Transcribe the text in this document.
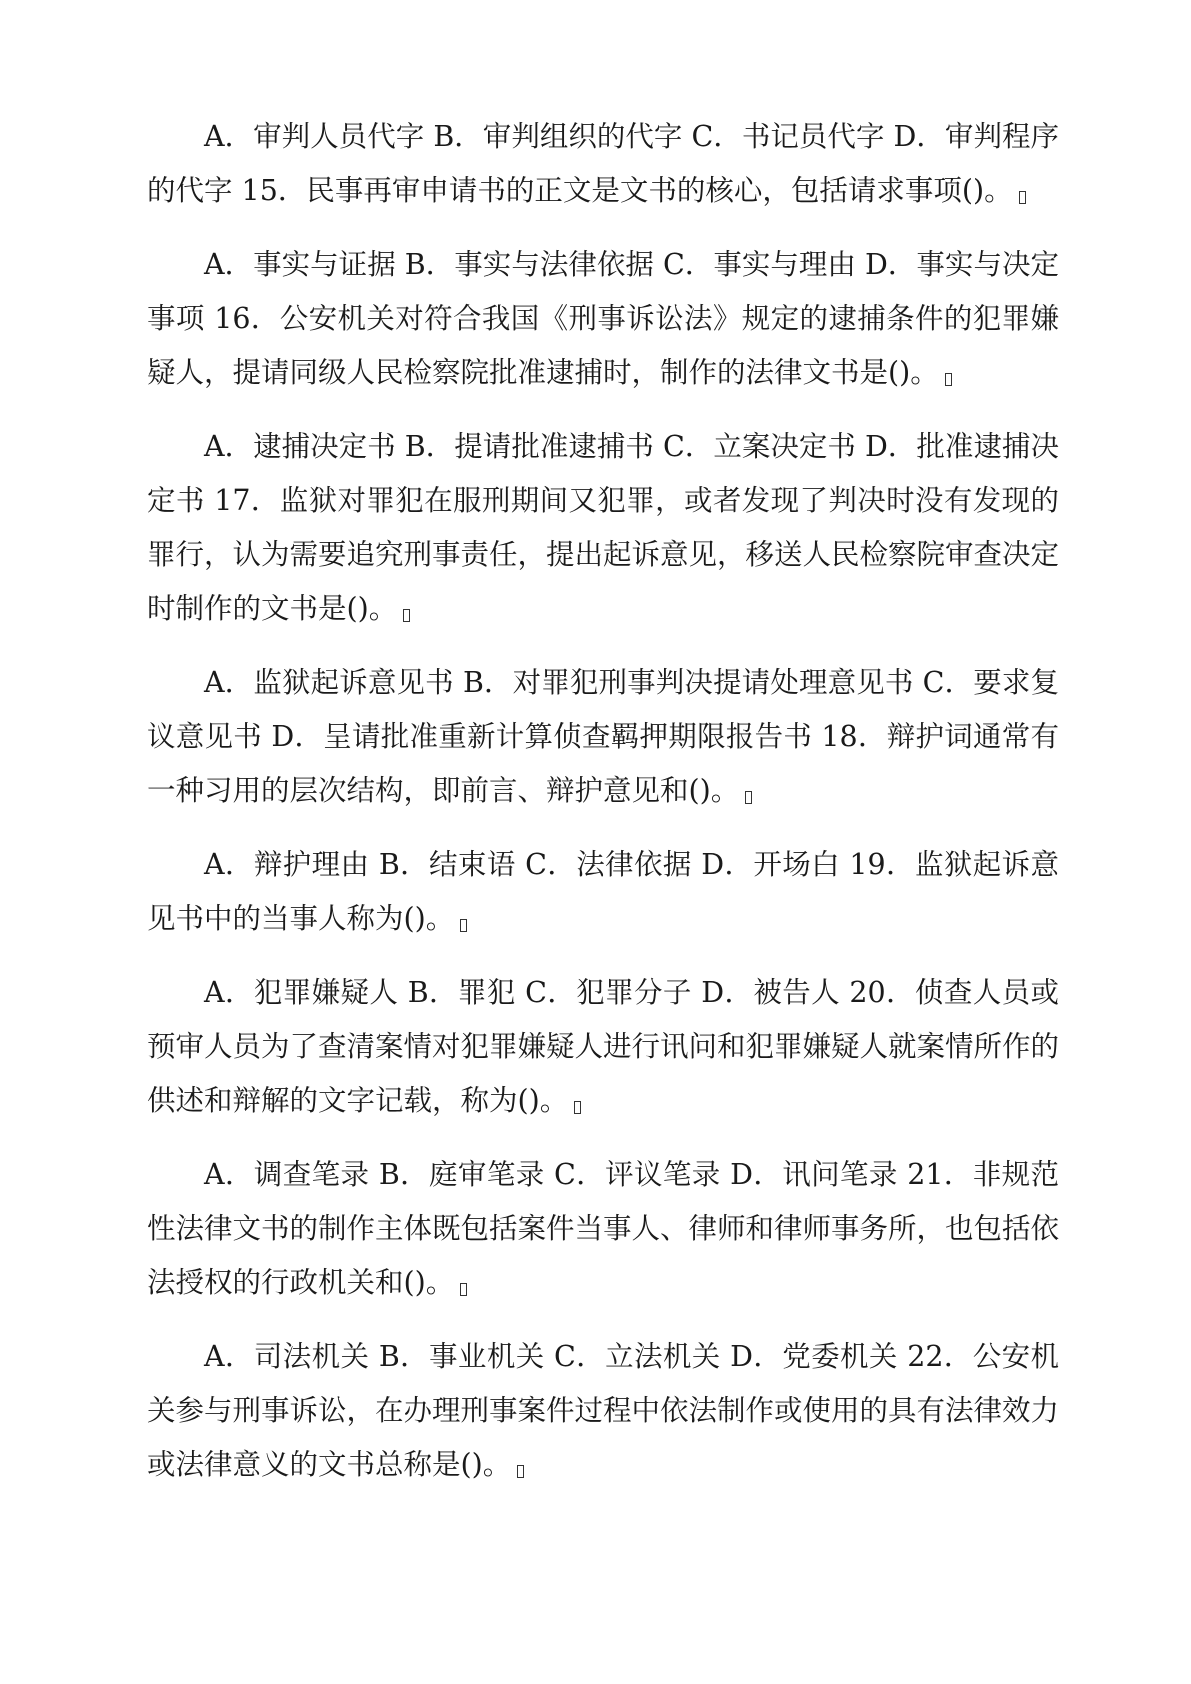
A．审判人员代字 B．审判组织的代字 C．书记员代字 D．审判程序的代字 15．民事再审申请书的正文是文书的核心，包括请求事项()。

A．事实与证据 B．事实与法律依据 C．事实与理由 D．事实与决定事项 16．公安机关对符合我国《刑事诉讼法》规定的逮捕条件的犯罪嫌疑人，提请同级人民检察院批准逮捕时，制作的法律文书是()。

A．逮捕决定书 B．提请批准逮捕书 C．立案决定书 D．批准逮捕决定书 17．监狱对罪犯在服刑期间又犯罪，或者发现了判决时没有发现的罪行，认为需要追究刑事责任，提出起诉意见，移送人民检察院审查决定时制作的文书是()。

A．监狱起诉意见书 B．对罪犯刑事判决提请处理意见书 C．要求复议意见书 D．呈请批准重新计算侦查羁押期限报告书 18．辩护词通常有一种习用的层次结构，即前言、辩护意见和()。

A．辩护理由 B．结束语 C．法律依据 D．开场白 19．监狱起诉意见书中的当事人称为()。

A．犯罪嫌疑人 B．罪犯 C．犯罪分子 D．被告人 20．侦查人员或预审人员为了查清案情对犯罪嫌疑人进行讯问和犯罪嫌疑人就案情所作的供述和辩解的文字记载，称为()。

A．调查笔录 B．庭审笔录 C．评议笔录 D．讯问笔录 21．非规范性法律文书的制作主体既包括案件当事人、律师和律师事务所，也包括依法授权的行政机关和()。

A．司法机关 B．事业机关 C．立法机关 D．党委机关 22．公安机关参与刑事诉讼，在办理刑事案件过程中依法制作或使用的具有法律效力或法律意义的文书总称是()。
